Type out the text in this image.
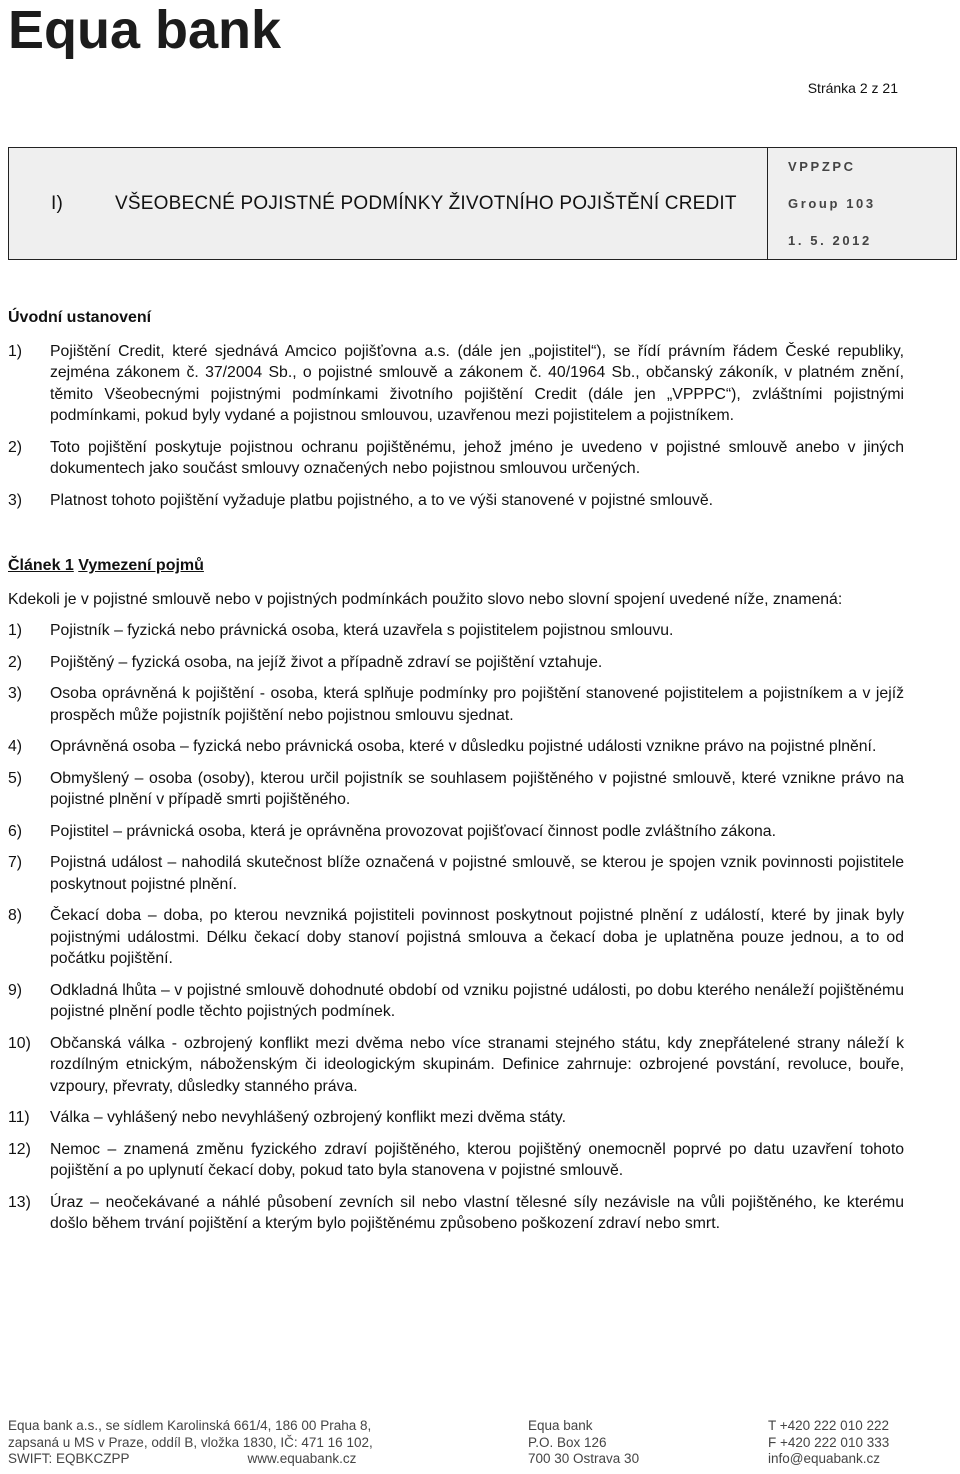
Equa bank
Stránka 2 z 21
I)	VŠEOBECNÉ POJISTNÉ PODMÍNKY ŽIVOTNÍHO POJIŠTĚNÍ CREDIT	

VPPZPC

Group 103

1. 5. 2012

Úvodní ustanovení
1)	Pojištění Credit, které sjednává Amcico pojišťovna a.s. (dále jen „pojistitel“), se řídí právním řádem České republiky, zejména zákonem č. 37/2004 Sb., o pojistné smlouvě a zákonem č. 40/1964 Sb., občanský zákoník, v platném znění, těmito Všeobecnými pojistnými podmínkami životního pojištění Credit (dále jen „VPPPC“), zvláštními pojistnými podmínkami, pokud byly vydané a pojistnou smlouvou, uzavřenou mezi pojistitelem a pojistníkem.
2)	Toto pojištění poskytuje pojistnou ochranu pojištěnému, jehož jméno je uvedeno v pojistné smlouvě anebo v jiných dokumentech jako součást smlouvy označených nebo pojistnou smlouvou určených.
3)	Platnost tohoto pojištění vyžaduje platbu pojistného, a to ve výši stanovené v pojistné smlouvě.
Článek 1 Vymezení pojmů

Kdekoli je v pojistné smlouvě nebo v pojistných podmínkách použito slovo nebo slovní spojení uvedené níže, znamená:

1)	Pojistník – fyzická nebo právnická osoba, která uzavřela s pojistitelem pojistnou smlouvu.
2)	Pojištěný – fyzická osoba, na jejíž život a případně zdraví se pojištění vztahuje.
3)	Osoba oprávněná k pojištění - osoba, která splňuje podmínky pro pojištění stanovené pojistitelem a pojistníkem a v jejíž prospěch může pojistník pojištění nebo pojistnou smlouvu sjednat.
4)	Oprávněná osoba – fyzická nebo právnická osoba, které v důsledku pojistné události vznikne právo na pojistné plnění.
5)	Obmyšlený – osoba (osoby), kterou určil pojistník se souhlasem pojištěného v pojistné smlouvě, které vznikne právo na pojistné plnění v případě smrti pojištěného.
6)	Pojistitel – právnická osoba, která je oprávněna provozovat pojišťovací činnost podle zvláštního zákona.
7)	Pojistná událost – nahodilá skutečnost blíže označená v pojistné smlouvě, se kterou je spojen vznik povinnosti pojistitele poskytnout pojistné plnění.
8)	Čekací doba – doba, po kterou nevzniká pojistiteli povinnost poskytnout pojistné plnění z událostí, které by jinak byly pojistnými událostmi. Délku čekací doby stanoví pojistná smlouva a čekací doba je uplatněna pouze jednou, a to od počátku pojištění.
9)	Odkladná lhůta – v pojistné smlouvě dohodnuté období od vzniku pojistné události, po dobu kterého nenáleží pojištěnému pojistné plnění podle těchto pojistných podmínek.
10)	Občanská válka - ozbrojený konflikt mezi dvěma nebo více stranami stejného státu, kdy znepřátelené strany náleží k rozdílným etnickým, náboženským či ideologickým skupinám. Definice zahrnuje: ozbrojené povstání, revoluce, bouře, vzpoury, převraty, důsledky stanného práva.
11)	Válka – vyhlášený nebo nevyhlášený ozbrojený konflikt mezi dvěma státy.
12)	Nemoc – znamená změnu fyzického zdraví pojištěného, kterou pojištěný onemocněl poprvé po datu uzavření tohoto pojištění a po uplynutí čekací doby, pokud tato byla stanovena v pojistné smlouvě.
13)	Úraz – neočekávané a náhlé působení zevních sil nebo vlastní tělesné síly nezávisle na vůli pojištěného, ke kterému došlo během trvání pojištění a kterým bylo pojištěnému způsobeno poškození zdraví nebo smrt.
Equa bank a.s., se sídlem Karolinská 661/4, 186 00 Praha 8,
zapsaná u MS v Praze, oddíl B, vložka 1830, IČ: 471 16 102,
SWIFT: EQBKCZPP	www.equabank.cz
Equa bank
P.O. Box 126
700 30 Ostrava 30
T +420 222 010 222
F +420 222 010 333
info@equabank.cz
